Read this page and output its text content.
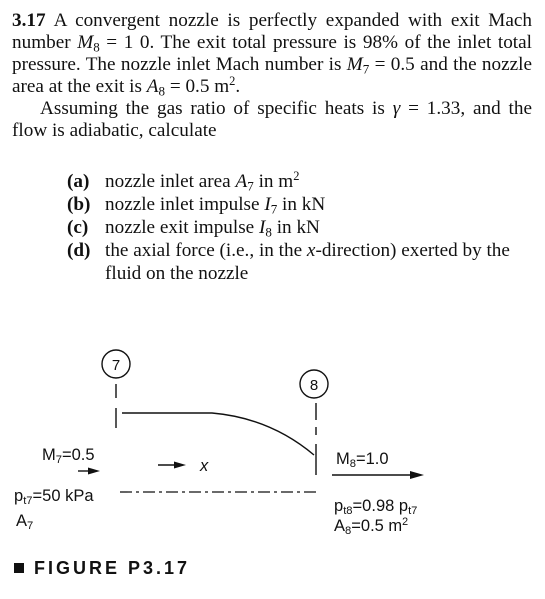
3.17 A convergent nozzle is perfectly expanded with exit Mach number $M_8 = 1$ 0. The exit total pressure is 98% of the inlet total pressure. The nozzle inlet Mach number is $M_7 = 0.5$ and the nozzle area at the exit is $A_8 = 0.5$ $m^2$.

Assuming the gas ratio of specific heats is γ = 1.33, and the flow is adiabatic, calculate

(a) nozzle inlet area $A_7$ in $m^2$
(b) nozzle inlet impulse $I_7$ in kN
(c) nozzle exit impulse $I_8$ in kN
(d) the axial force (i.e., in the x-direction) exerted by the fluid on the nozzle
7
8
$M_7=0.5$
x	$M_8=1.0$
$p_{t7}=50$ kPa
$A_7$
$p_{t8}=0.98$ $p_{t7}$
$A_8=0.5$ $m^2$
FIGURE P3.17
